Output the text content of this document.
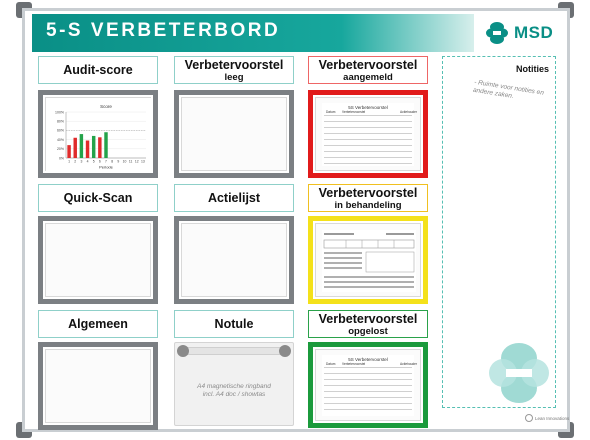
5-S VERBETERBORD	MSD
Audit-score	Verbetervoorstel
leeg
Verbetervoorstel
aangemeld
Score
0%
20%
40%
60%
80%
100%
1 2 3 4 5 6 7 8 9 10 11 12 13
Periode
5S Verbetervoorstel
Datum Verbetervoorstel	Actiehouder
Quick-Scan	Actielijst	Verbetervoorstel
in behandeling
Algemeen	Notule	Verbetervoorstel
opgelost
A4 magnetische ringband
incl. A4 doc / showtas
5S Verbetervoorstel
Datum Verbetervoorstel	Actiehouder
Notities
- Ruimte voor notities en andere zaken.
Lean Innovations
